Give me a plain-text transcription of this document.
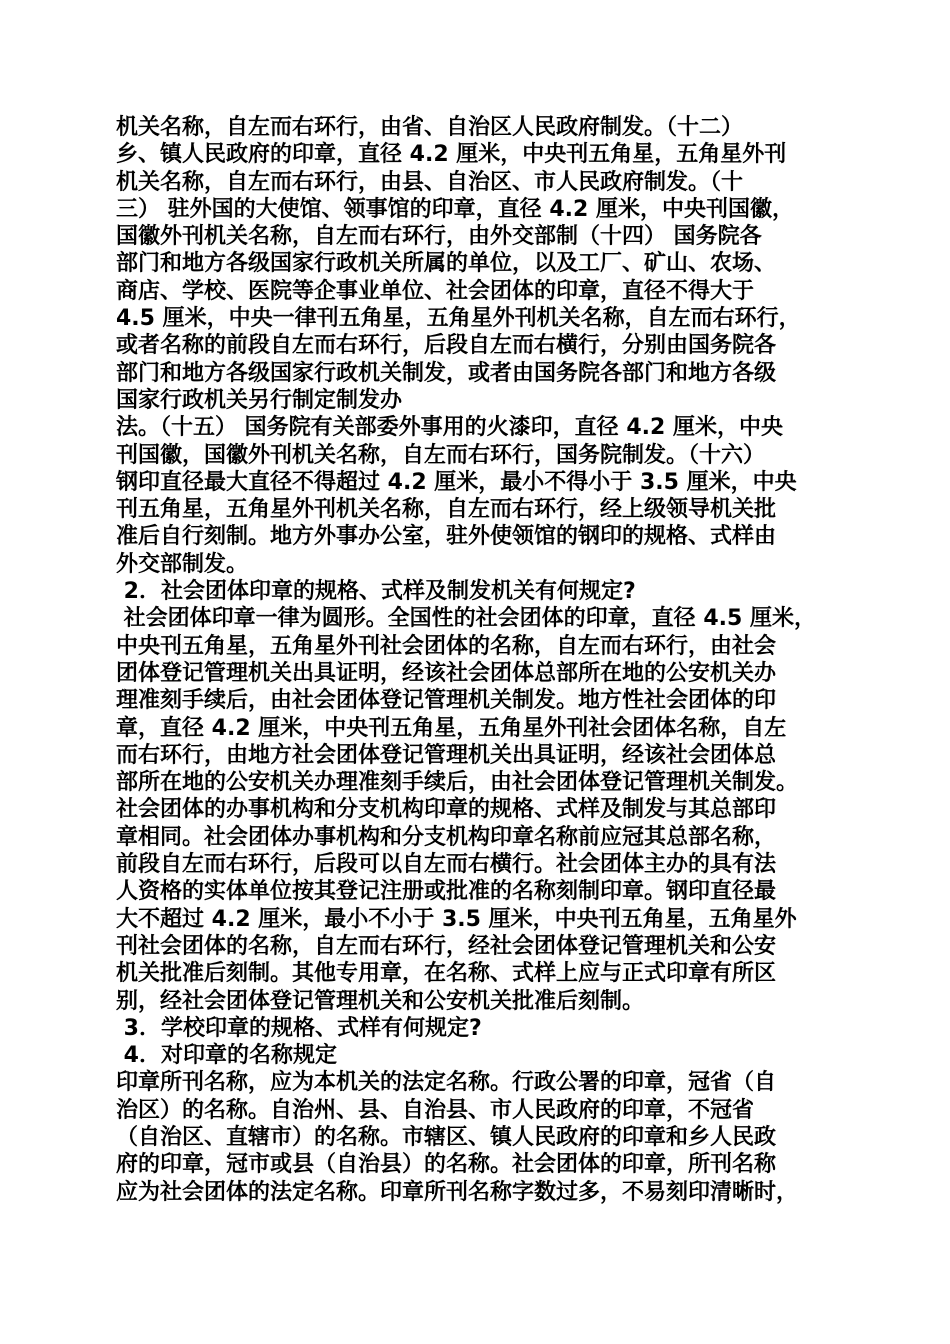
机关名称，自左而右环行，由省、自治区人民政府制发。（十二）
乡、镇人民政府的印章，直径 4.2 厘米，中央刊五角星，五角星外刊
机关名称，自左而右环行，由县、自治区、市人民政府制发。（十
三） 驻外国的大使馆、领事馆的印章，直径 4.2 厘米，中央刊国徽，
国徽外刊机关名称，自左而右环行，由外交部制（十四） 国务院各
部门和地方各级国家行政机关所属的单位，以及工厂、矿山、农场、
商店、学校、医院等企事业单位、社会团体的印章，直径不得大于
4.5 厘米，中央一律刊五角星，五角星外刊机关名称，自左而右环行，
或者名称的前段自左而右环行，后段自左而右横行，分别由国务院各
部门和地方各级国家行政机关制发，或者由国务院各部门和地方各级
国家行政机关另行制定制发办
法。（十五） 国务院有关部委外事用的火漆印，直径 4.2 厘米，中央
刊国徽，国徽外刊机关名称，自左而右环行，国务院制发。（十六）
钢印直径最大直径不得超过 4.2 厘米，最小不得小于 3.5 厘米，中央
刊五角星，五角星外刊机关名称，自左而右环行，经上级领导机关批
准后自行刻制。地方外事办公室，驻外使领馆的钢印的规格、式样由
外交部制发。
2．社会团体印章的规格、式样及制发机关有何规定?
社会团体印章一律为圆形。全国性的社会团体的印章，直径 4.5 厘米，
中央刊五角星，五角星外刊社会团体的名称，自左而右环行，由社会
团体登记管理机关出具证明，经该社会团体总部所在地的公安机关办
理准刻手续后，由社会团体登记管理机关制发。地方性社会团体的印
章，直径 4.2 厘米，中央刊五角星，五角星外刊社会团体名称，自左
而右环行，由地方社会团体登记管理机关出具证明，经该社会团体总
部所在地的公安机关办理准刻手续后，由社会团体登记管理机关制发。
社会团体的办事机构和分支机构印章的规格、式样及制发与其总部印
章相同。社会团体办事机构和分支机构印章名称前应冠其总部名称，
前段自左而右环行，后段可以自左而右横行。社会团体主办的具有法
人资格的实体单位按其登记注册或批准的名称刻制印章。钢印直径最
大不超过 4.2 厘米，最小不小于 3.5 厘米，中央刊五角星，五角星外
刊社会团体的名称，自左而右环行，经社会团体登记管理机关和公安
机关批准后刻制。其他专用章，在名称、式样上应与正式印章有所区
别，经社会团体登记管理机关和公安机关批准后刻制。
3．学校印章的规格、式样有何规定?
4．对印章的名称规定
印章所刊名称，应为本机关的法定名称。行政公署的印章，冠省（自
治区）的名称。自治州、县、自治县、市人民政府的印章，不冠省
（自治区、直辖市）的名称。市辖区、镇人民政府的印章和乡人民政
府的印章，冠市或县（自治县）的名称。社会团体的印章，所刊名称
应为社会团体的法定名称。印章所刊名称字数过多，不易刻印清晰时，
